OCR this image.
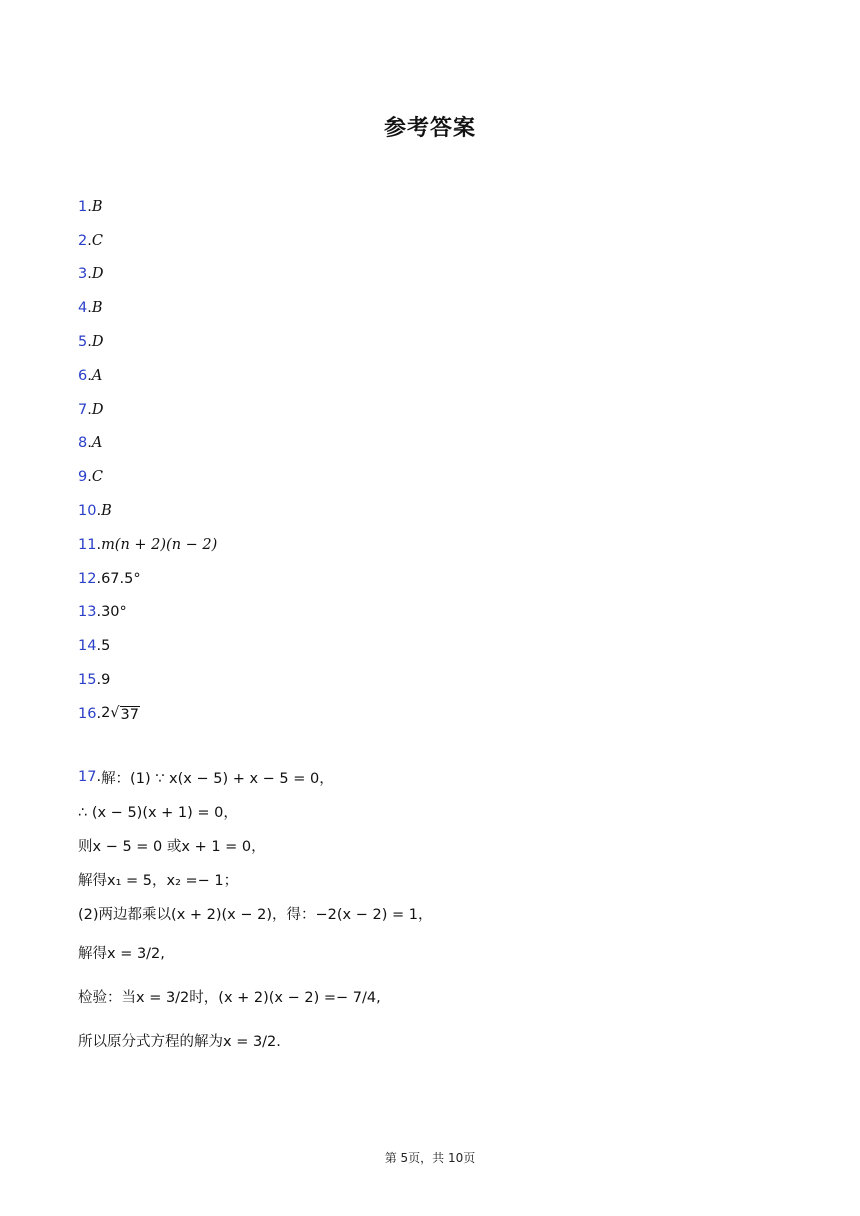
参考答案
1 . B
2 . C
3 . D
4 . B
5 . D
6 . A
7 . D
8 . A
9 . C
10 . B
11 . m(n + 2)(n − 2)
12 . 67.5°
13 . 30°
14 . 5
15 . 9
16 . 2√ 37
17 . 解：(1) ∵ x(x − 5) + x − 5 = 0，
∴ (x − 5)(x + 1) = 0，
则x − 5 = 0 或x + 1 = 0，
解得x₁ = 5，x₂ =− 1；
(2)两边都乘以(x + 2)(x − 2)，得：−2(x − 2) = 1，
解得x = 3/2,
检验：当x = 3/2时，(x + 2)(x − 2) =− 7/4,
所以原分式方程的解为x = 3/2.
第 5页，共 10页
